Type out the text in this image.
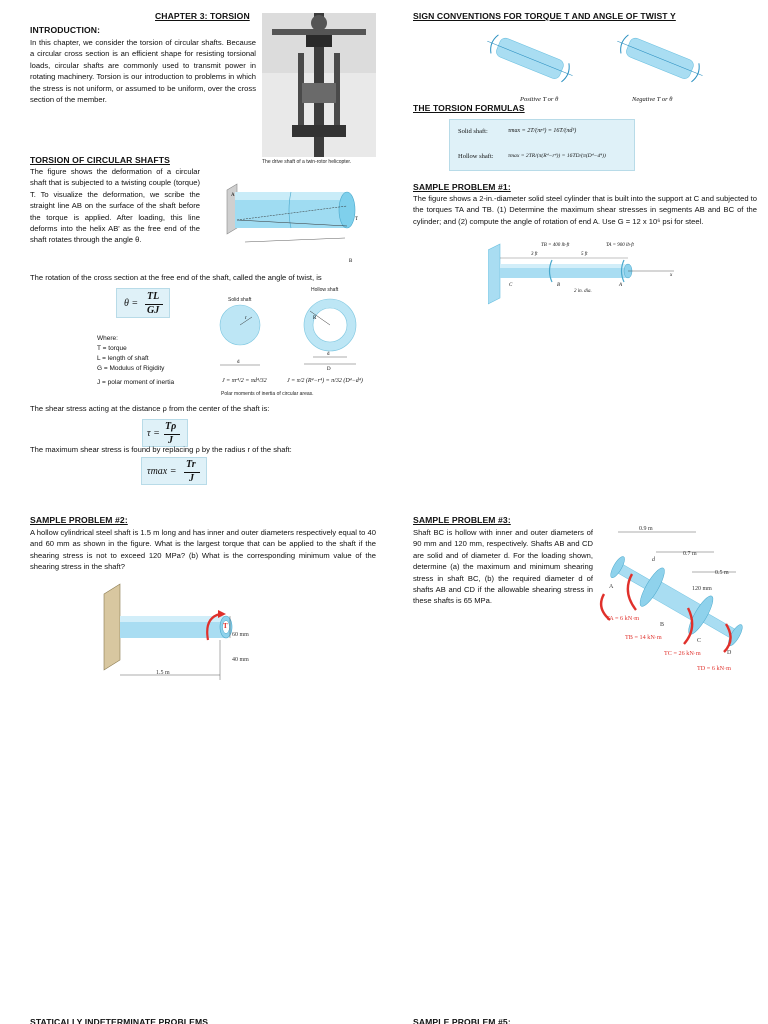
CHAPTER 3: TORSION
INTRODUCTION:
In this chapter, we consider the torsion of circular shafts. Because a circular cross section is an efficient shape for resisting torsional loads, circular shafts are commonly used to transmit power in rotating machinery. Torsion is our introduction to problems in which the stress is not uniform, or assumed to be uniform, over the cross section of the member.
The drive shaft of a twin-rotor helicopter.
TORSION OF CIRCULAR SHAFTS
The figure shows the deformation of a circular shaft that is subjected to a twisting couple (torque) T. To visualize the deformation, we scribe the straight line AB on the surface of the shaft before the torque is applied. After loading, this line deforms into the helix AB' as the free end of the shaft rotates through the angle θ.
A
B
T
The rotation of the cross section at the free end of the shaft, called the angle of twist, is
θ =
TL
GJ
Where:
T = torque
L = length of shaft
G = Modulus of Rigidity
J = polar moment of inertia
Solid shaft
Hollow shaft
r
d
R
d
D
J = πr⁴/2 = πd⁴/32	J = π/2 (R⁴−r⁴) = π/32 (D⁴−d⁴)
Polar moments of inertia of circular areas.
The shear stress acting at the distance ρ from the center of the shaft is:
τ =
Tρ
J
The maximum shear stress is found by replacing ρ by the radius r of the shaft:
τmax =
Tr
J
SAMPLE PROBLEM #2:
A hollow cylindrical steel shaft is 1.5 m long and has inner and outer diameters respectively equal to 40 and 60 mm as shown in the figure. What is the largest torque that can be applied to the shaft if the shearing stress is not to exceed 120 MPa? (b) What is the corresponding minimum value of the shearing stress in the shaft?
T
60 mm
40 mm
1.5 m
STATICALLY INDETERMINATE PROBLEMS
SIGN CONVENTIONS FOR TORQUE T AND ANGLE OF TWIST Y
Positive T or θ	Negative T or θ
THE TORSION FORMULAS
Solid shaft:	τmax = 2T/(πr³) = 16T/(πd³)
Hollow shaft:	τmax = 2TR/(π(R⁴−r⁴)) = 16TD/(π(D⁴−d⁴))
SAMPLE PROBLEM #1:
The figure shows a 2-in.-diameter solid steel cylinder that is built into the support at C and subjected to the torques TA and TB. (1) Determine the maximum shear stresses in segments AB and BC of the cylinder; and (2) compute the angle of rotation of end A. Use G = 12 x 10⁶ psi for steel.
x
TB = 400 lb·ft	TA = 900 lb·ft
3 ft	5 ft
C	B
2 in. dia.
A
SAMPLE PROBLEM #3:
Shaft BC is hollow with inner and outer diameters of 90 mm and 120 mm, respectively. Shafts AB and CD are solid and of diameter d. For the loading shown, determine (a) the maximum and minimum shearing stress in shaft BC, (b) the required diameter d of shafts AB and CD if the allowable shearing stress in these shafts is 65 MPa.
0.9 m
0.7 m
0.5 m
120 mm
d
A
B
C
D
TA = 6 kN·m
TB = 14 kN·m
TC = 26 kN·m
TD = 6 kN·m
SAMPLE PROBLEM #5:
